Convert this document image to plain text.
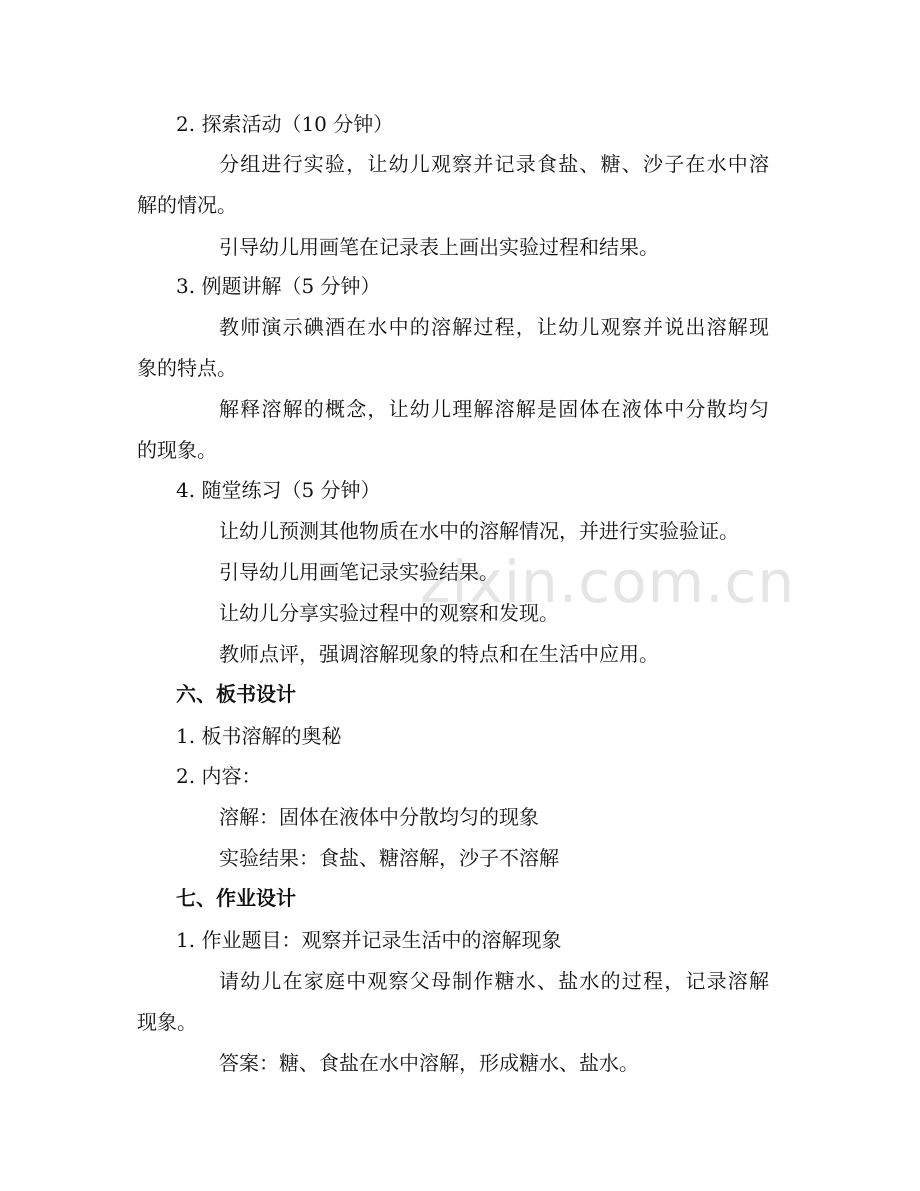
zixin.com.cn
2. 探索活动（10 分钟）
分组进行实验，让幼儿观察并记录食盐、糖、沙子在水中溶
解的情况。
引导幼儿用画笔在记录表上画出实验过程和结果。
3. 例题讲解（5 分钟）
教师演示碘酒在水中的溶解过程，让幼儿观察并说出溶解现
象的特点。
解释溶解的概念，让幼儿理解溶解是固体在液体中分散均匀
的现象。
4. 随堂练习（5 分钟）
让幼儿预测其他物质在水中的溶解情况，并进行实验验证。
引导幼儿用画笔记录实验结果。
让幼儿分享实验过程中的观察和发现。
教师点评，强调溶解现象的特点和在生活中应用。
六、板书设计
1. 板书溶解的奥秘
2. 内容：
溶解：固体在液体中分散均匀的现象
实验结果：食盐、糖溶解，沙子不溶解
七、作业设计
1. 作业题目：观察并记录生活中的溶解现象
请幼儿在家庭中观察父母制作糖水、盐水的过程，记录溶解
现象。
答案：糖、食盐在水中溶解，形成糖水、盐水。
